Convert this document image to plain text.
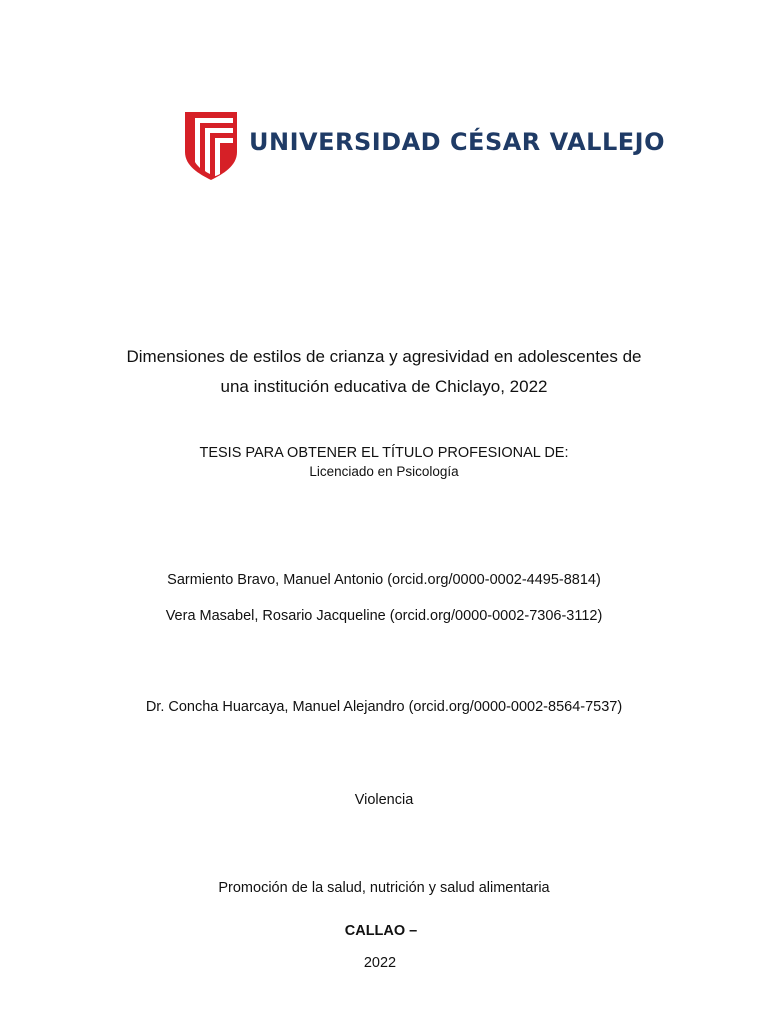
UNIVERSIDAD CÉSAR VALLEJO
Dimensiones de estilos de crianza y agresividad en adolescentes de
una institución educativa de Chiclayo, 2022
TESIS PARA OBTENER EL TÍTULO PROFESIONAL DE:
Licenciado en Psicología
Sarmiento Bravo, Manuel Antonio (orcid.org/0000-0002-4495-8814)
Vera Masabel, Rosario Jacqueline (orcid.org/0000-0002-7306-3112)
Dr. Concha Huarcaya, Manuel Alejandro (orcid.org/0000-0002-8564-7537)
Violencia
Promoción de la salud, nutrición y salud alimentaria
CALLAO –
2022
